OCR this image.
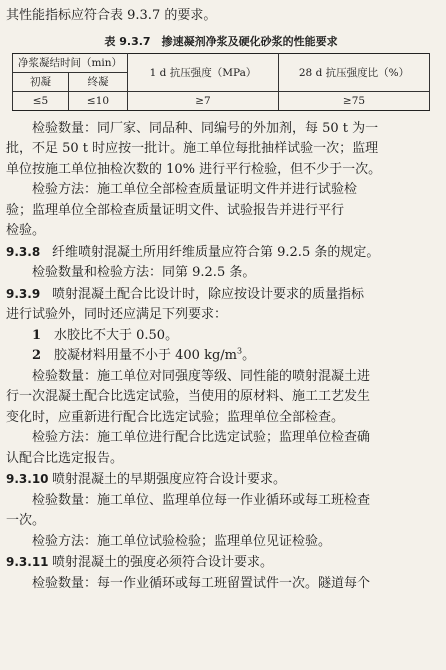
其性能指标应符合表 9.3.7 的要求。
表 9.3.7　掺速凝剂净浆及硬化砂浆的性能要求
净浆凝结时间（min）		1 d 抗压强度（MPa）	28 d 抗压强度比（%）
初凝	终凝		
≤5	≤10	≥7	≥75
检验数量：同厂家、同品种、同编号的外加剂，每 50 t 为一
批，不足 50 t 时应按一批计。施工单位每批抽样试验一次；监理
单位按施工单位抽检次数的 10% 进行平行检验，但不少于一次。
检验方法：施工单位全部检查质量证明文件并进行试验检
验；监理单位全部检查质量证明文件、试验报告并进行平行
检验。
9.3.8 纤维喷射混凝土所用纤维质量应符合第 9.2.5 条的规定。
检验数量和检验方法：同第 9.2.5 条。
9.3.9 喷射混凝土配合比设计时，除应按设计要求的质量指标
进行试验外，同时还应满足下列要求：
1 水胶比不大于 0.50。
2 胶凝材料用量不小于 400 $kg/m^3$。
检验数量：施工单位对同强度等级、同性能的喷射混凝土进
行一次混凝土配合比选定试验，当使用的原材料、施工工艺发生
变化时，应重新进行配合比选定试验；监理单位全部检查。
检验方法：施工单位进行配合比选定试验；监理单位检查确
认配合比选定报告。
9.3.10 喷射混凝土的早期强度应符合设计要求。
检验数量：施工单位、监理单位每一作业循环或每工班检查
一次。
检验方法：施工单位试验检验；监理单位见证检验。
9.3.11 喷射混凝土的强度必须符合设计要求。
检验数量：每一作业循环或每工班留置试件一次。隧道每个
